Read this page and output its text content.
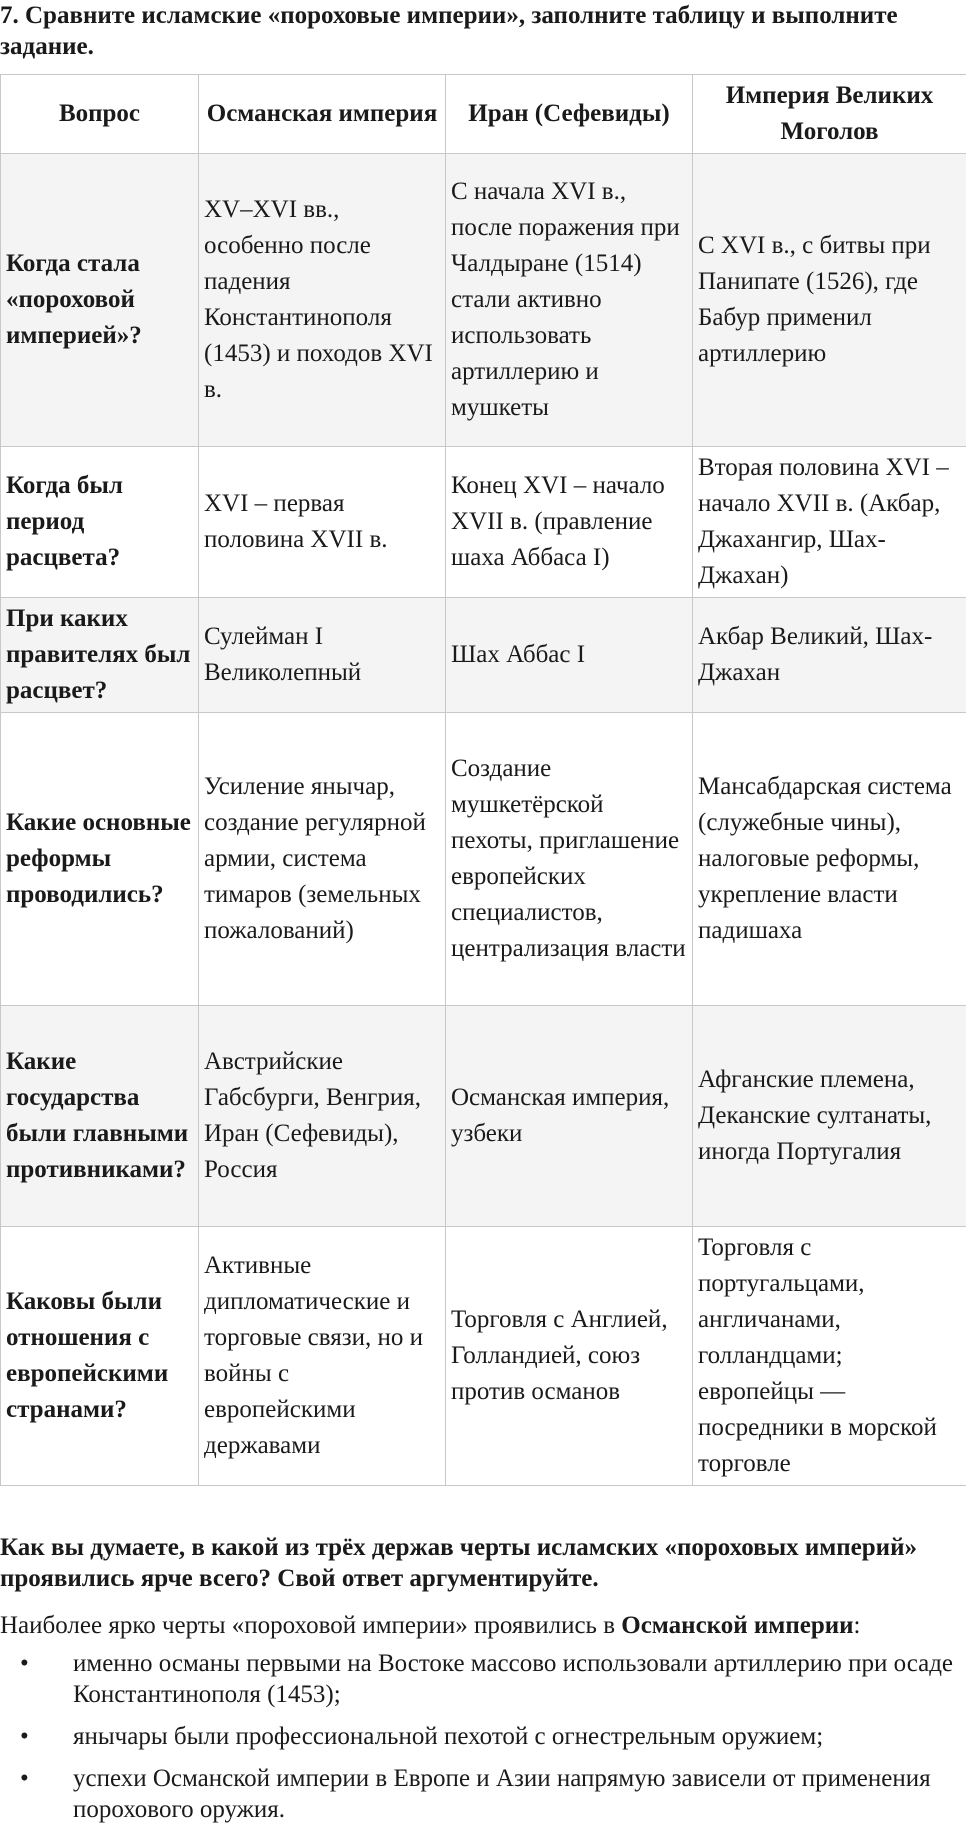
7. Сравните исламские «пороховые империи», заполните таблицу и выполните задание.

Вопрос	Османская империя	Иран (Сефевиды)	Империя Великих Моголов
Когда стала «пороховой империей»?	XV–XVI вв., особенно после падения Константинополя (1453) и походов XVI в.	С начала XVI в., после поражения при Чалдыране (1514) стали активно использовать артиллерию и мушкеты	С XVI в., с битвы при Панипате (1526), где Бабур применил артиллерию
Когда был период расцвета?	XVI – первая половина XVII в.	Конец XVI – начало XVII в. (правление шаха Аббаса I)	Вторая половина XVI – начало XVII в. (Акбар, Джахангир, Шах-Джахан)
При каких правителях был расцвет?	Сулейман I Великолепный	Шах Аббас I	Акбар Великий, Шах-Джахан
Какие основные реформы проводились?	Усиление янычар, создание регулярной армии, система тимаров (земельных пожалований)	Создание мушкетёрской пехоты, приглашение европейских специалистов, централизация власти	Мансабдарская система (служебные чины), налоговые реформы, укрепление власти падишаха
Какие государства были главными противниками?	Австрийские Габсбурги, Венгрия, Иран (Сефевиды), Россия	Османская империя, узбеки	Афганские племена, Деканские султанаты, иногда Португалия
Каковы были отношения с европейскими странами?	Активные дипломатические и торговые связи, но и войны с европейскими державами	Торговля с Англией, Голландией, союз против османов	Торговля с португальцами, англичанами, голландцами; европейцы — посредники в морской торговле

Как вы думаете, в какой из трёх держав черты исламских «пороховых империй» проявились ярче всего? Свой ответ аргументируйте.

Наиболее ярко черты «пороховой империи» проявились в Османской империи:

• именно османы первыми на Востоке массово использовали артиллерию при осаде Константинополя (1453);
• янычары были профессиональной пехотой с огнестрельным оружием;
• успехи Османской империи в Европе и Азии напрямую зависели от применения порохового оружия.
